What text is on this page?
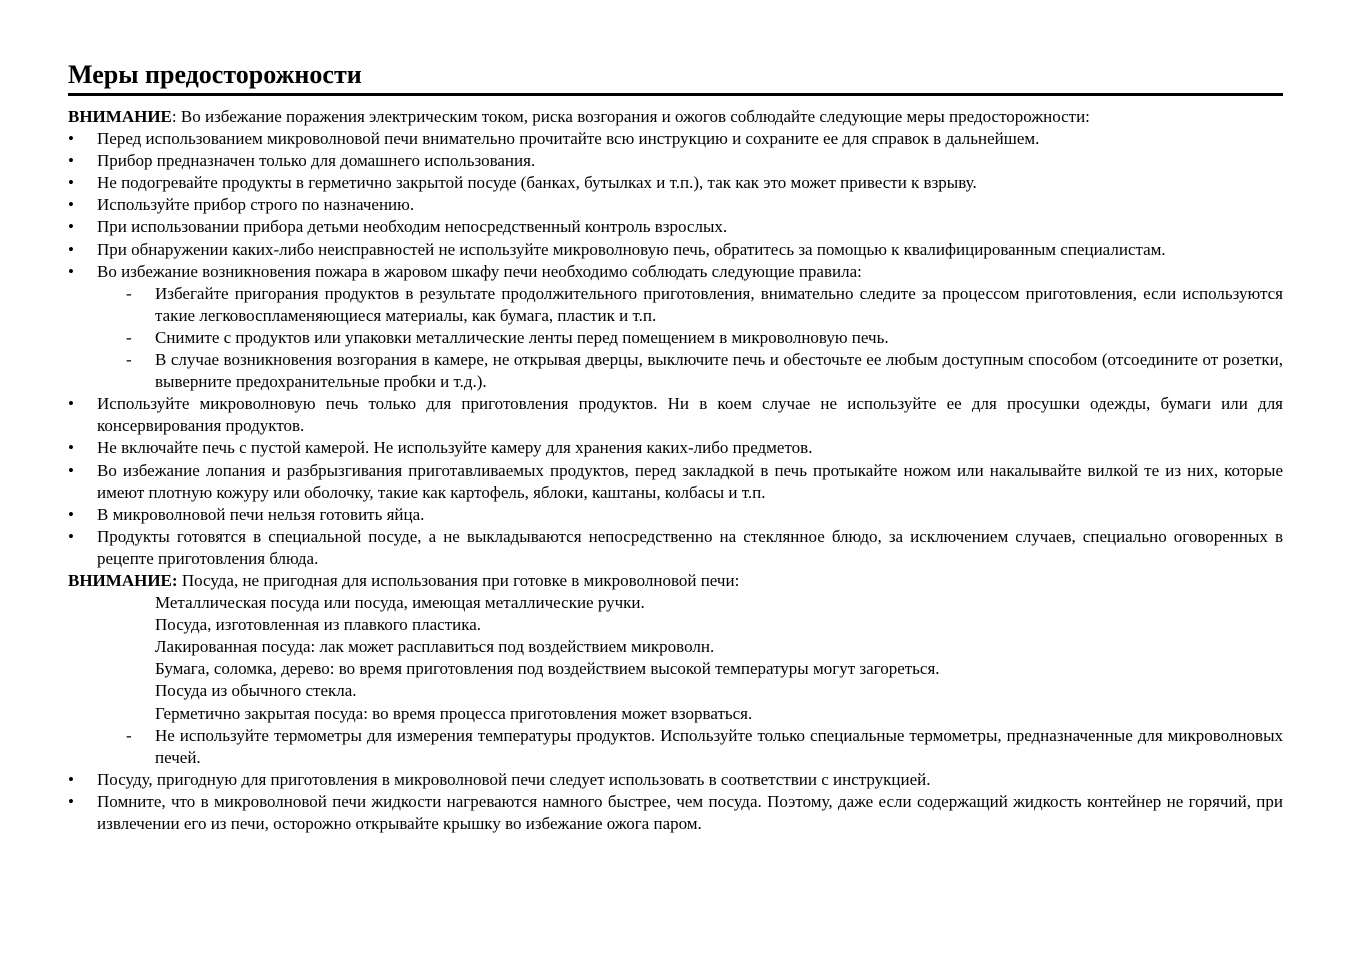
Меры предосторожности

ВНИМАНИЕ: Во избежание поражения электрическим током, риска возгорания и ожогов соблюдайте следующие меры предосторожности:

• Перед использованием микроволновой печи внимательно прочитайте всю инструкцию и сохраните ее для справок в дальнейшем.
• Прибор предназначен только для домашнего использования.
• Не подогревайте продукты в герметично закрытой посуде (банках, бутылках и т.п.), так как это может привести к взрыву.
• Используйте прибор строго по назначению.
• При использовании прибора детьми необходим непосредственный контроль взрослых.
• При обнаружении каких-либо неисправностей не используйте микроволновую печь, обратитесь за помощью к квалифицированным специалистам.
• Во избежание возникновения пожара в жаровом шкафу печи необходимо соблюдать следующие правила:
- Избегайте пригорания продуктов в результате продолжительного приготовления, внимательно следите за процессом приготовления, если используются такие легковоспламеняющиеся материалы, как бумага, пластик и т.п.
- Снимите с продуктов или упаковки металлические ленты перед помещением в микроволновую печь.
- В случае возникновения возгорания в камере, не открывая дверцы, выключите печь и обесточьте ее любым доступным способом (отсоедините от розетки, выверните предохранительные пробки и т.д.).
• Используйте микроволновую печь только для приготовления продуктов. Ни в коем случае не используйте ее для просушки одежды, бумаги или для консервирования продуктов.
• Не включайте печь с пустой камерой. Не используйте камеру для хранения каких-либо предметов.
• Во избежание лопания и разбрызгивания приготавливаемых продуктов, перед закладкой в печь протыкайте ножом или накалывайте вилкой те из них, которые имеют плотную кожуру или оболочку, такие как картофель, яблоки, каштаны, колбасы и т.п.
• В микроволновой печи нельзя готовить яйца.
• Продукты готовятся в специальной посуде, а не выкладываются непосредственно на стеклянное блюдо, за исключением случаев, специально оговоренных в рецепте приготовления блюда.

ВНИМАНИЕ: Посуда, не пригодная для использования при готовке в микроволновой печи:

Металлическая посуда или посуда, имеющая металлические ручки.
Посуда, изготовленная из плавкого пластика.
Лакированная посуда: лак может расплавиться под воздействием микроволн.
Бумага, соломка, дерево: во время приготовления под воздействием высокой температуры могут загореться.
Посуда из обычного стекла.
Герметично закрытая посуда: во время процесса приготовления может взорваться.
- Не используйте термометры для измерения температуры продуктов. Используйте только специальные термометры, предназначенные для микроволновых печей.
• Посуду, пригодную для приготовления в микроволновой печи следует использовать в соответствии с инструкцией.
• Помните, что в микроволновой печи жидкости нагреваются намного быстрее, чем посуда. Поэтому, даже если содержащий жидкость контейнер не горячий, при извлечении его из печи, осторожно открывайте крышку во избежание ожога паром.
